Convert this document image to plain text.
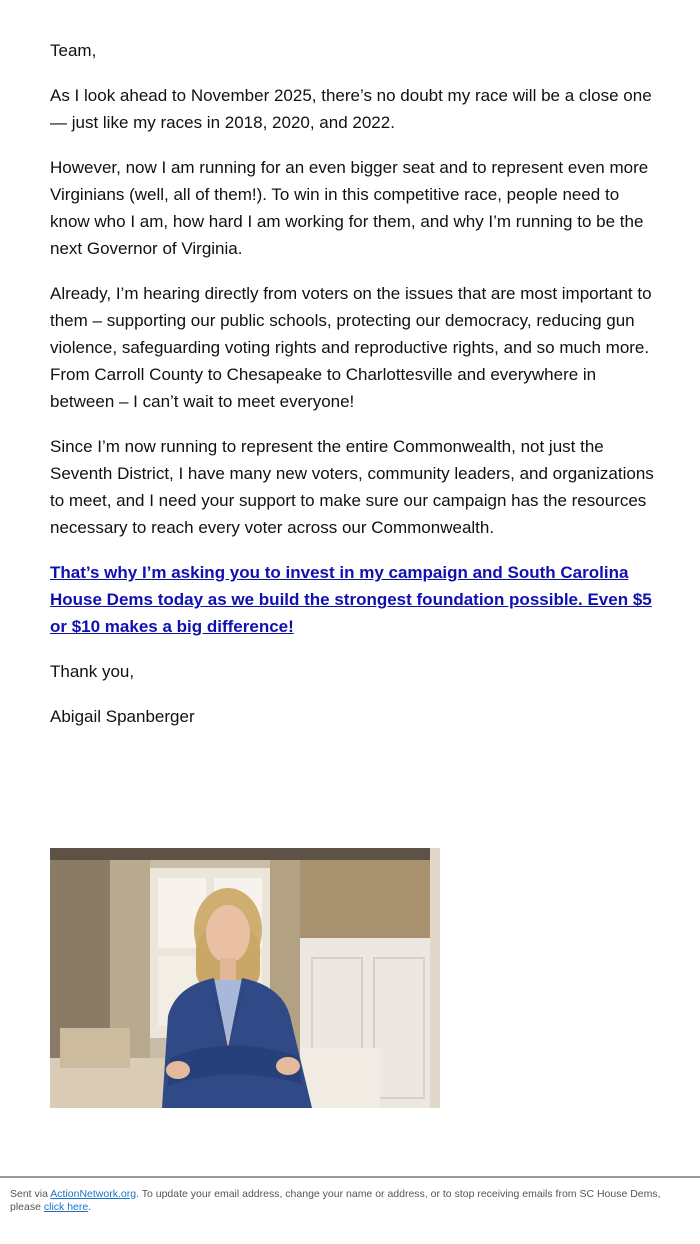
Team,

As I look ahead to November 2025, there’s no doubt my race will be a close one — just like my races in 2018, 2020, and 2022.

However, now I am running for an even bigger seat and to represent even more Virginians (well, all of them!). To win in this competitive race, people need to know who I am, how hard I am working for them, and why I’m running to be the next Governor of Virginia.

Already, I’m hearing directly from voters on the issues that are most important to them – supporting our public schools, protecting our democracy, reducing gun violence, safeguarding voting rights and reproductive rights, and so much more. From Carroll County to Chesapeake to Charlottesville and everywhere in between – I can’t wait to meet everyone!

Since I’m now running to represent the entire Commonwealth, not just the Seventh District, I have many new voters, community leaders, and organizations to meet, and I need your support to make sure our campaign has the resources necessary to reach every voter across our Commonwealth.

That’s why I’m asking you to invest in my campaign and South Carolina House Dems today as we build the strongest foundation possible. Even $5 or $10 makes a big difference!

Thank you,

Abigail Spanberger

Sent via ActionNetwork.org. To update your email address, change your name or address, or to stop receiving emails from SC House Dems, please click here.
